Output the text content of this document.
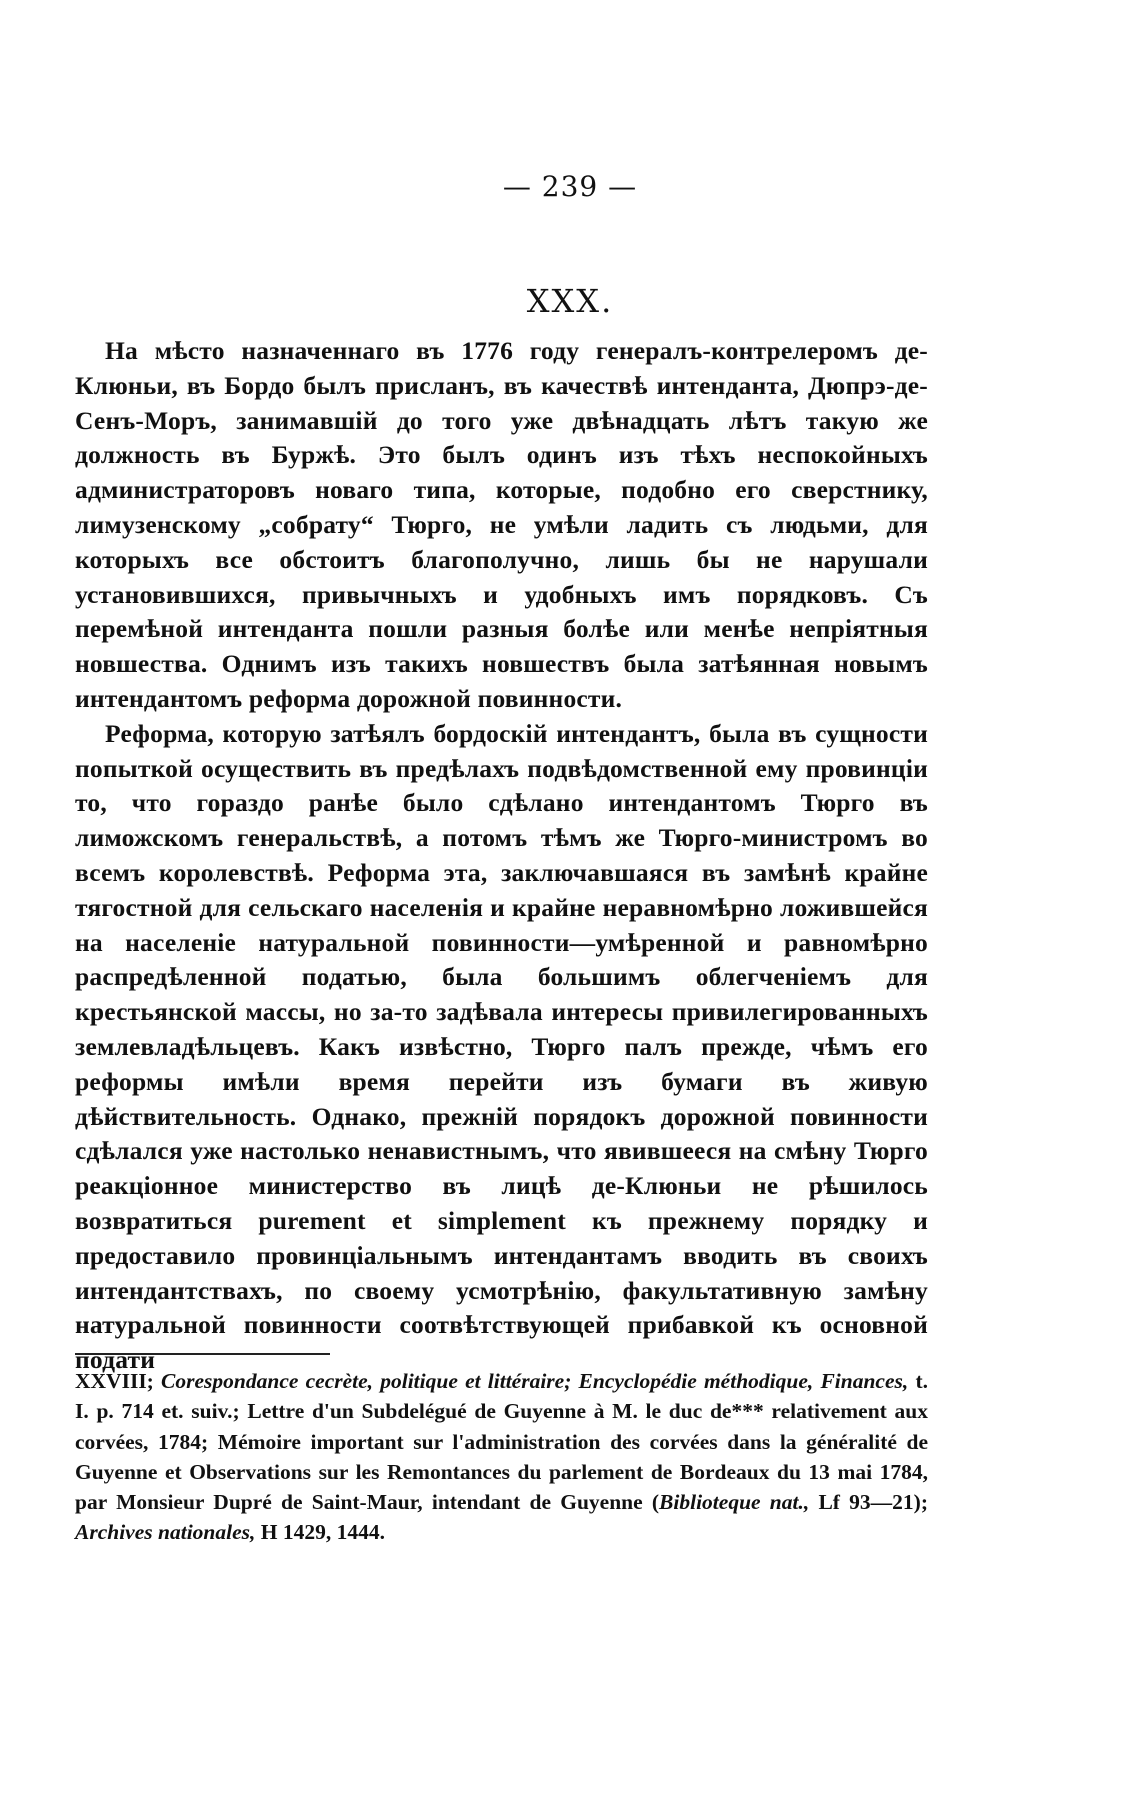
— 239 —
XXX.

На мѣсто назначеннаго въ 1776 году генералъ-контрелеромъ де-Клюньи, въ Бордо былъ присланъ, въ качествѣ интенданта, Дюпрэ-де-Сенъ-Моръ, занимавшій до того уже двѣнадцать лѣтъ такую же должность въ Буржѣ. Это былъ одинъ изъ тѣхъ неспокойныхъ администраторовъ новаго типа, которые, подобно его сверстнику, лимузенскому „собрату“ Тюрго, не умѣли ладить съ людьми, для которыхъ все обстоитъ благополучно, лишь бы не нарушали установившихся, привычныхъ и удобныхъ имъ порядковъ. Съ перемѣной интенданта пошли разныя болѣе или менѣе непріятныя новшества. Однимъ изъ такихъ новшествъ была затѣянная новымъ интендантомъ реформа дорожной повинности.

Реформа, которую затѣялъ бордоскій интендантъ, была въ сущности попыткой осуществить въ предѣлахъ подвѣдомственной ему провинціи то, что гораздо ранѣе было сдѣлано интендантомъ Тюрго въ лиможскомъ генеральствѣ, а потомъ тѣмъ же Тюрго-министромъ во всемъ королевствѣ. Реформа эта, заключавшаяся въ замѣнѣ крайне тягостной для сельскаго населенія и крайне неравномѣрно ложившейся на населеніе натуральной повинности—умѣренной и равномѣрно распредѣленной податью, была большимъ облегченіемъ для крестьянской массы, но за-то задѣвала интересы привилегированныхъ землевладѣльцевъ. Какъ извѣстно, Тюрго палъ прежде, чѣмъ его реформы имѣли время перейти изъ бумаги въ живую дѣйствительность. Однако, прежній порядокъ дорожной повинности сдѣлался уже настолько ненавистнымъ, что явившееся на смѣну Тюрго реакціонное министерство въ лицѣ де-Клюньи не рѣшилось возвратиться purement et simplement къ прежнему порядку и предоставило провинціальнымъ интендантамъ вводить въ своихъ интендантствахъ, по своему усмотрѣнію, факультативную замѣну натуральной повинности соотвѣтствующей прибавкой къ основной подати

XXVIII; Corespondance cecrète, politique et littéraire; Encyclopédie méthodique, Finances, t. I. p. 714 et. suiv.; Lettre d'un Subdelégué de Guyenne à M. le duc de*** relativement aux corvées, 1784; Mémoire important sur l'administration des corvées dans la généralité de Guyenne et Observations sur les Remontances du parlement de Bordeaux du 13 mai 1784, par Monsieur Dupré de Saint-Maur, intendant de Guyenne (Biblioteque nat., Lf 93—21); Archives nationales, H 1429, 1444.
